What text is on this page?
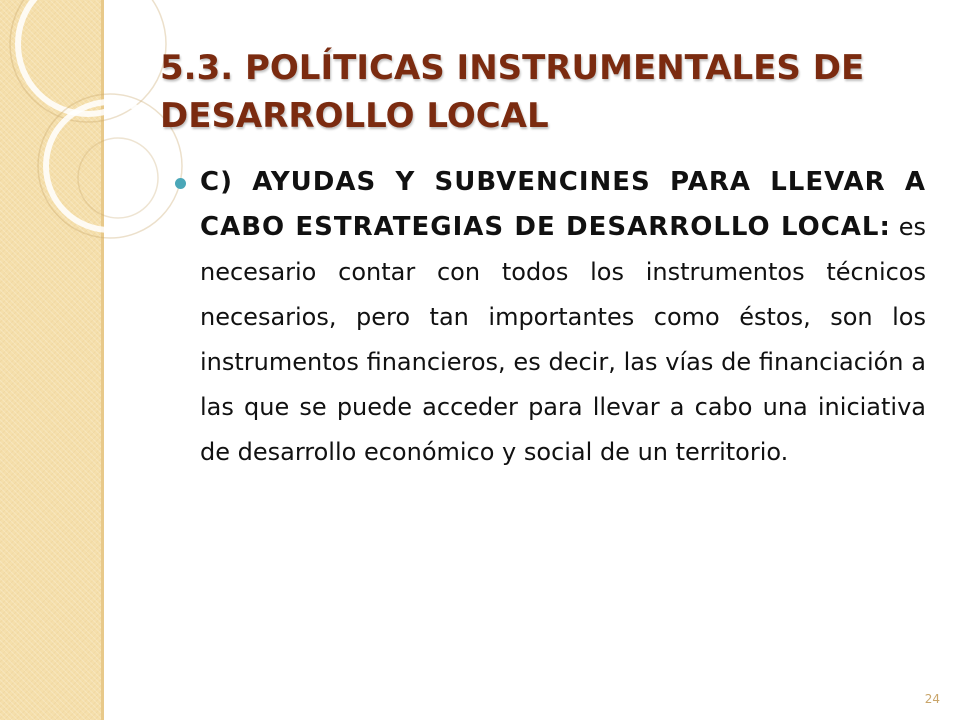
5.3. POLÍTICAS INSTRUMENTALES DE DESARROLLO LOCAL

C) AYUDAS Y SUBVENCINES PARA LLEVAR A CABO ESTRATEGIAS DE DESARROLLO LOCAL: es necesario contar con todos los instrumentos técnicos necesarios, pero tan importantes como éstos, son los instrumentos financieros, es decir, las vías de financiación a las que se puede acceder para llevar a cabo una iniciativa de desarrollo económico y social de un territorio.

24
